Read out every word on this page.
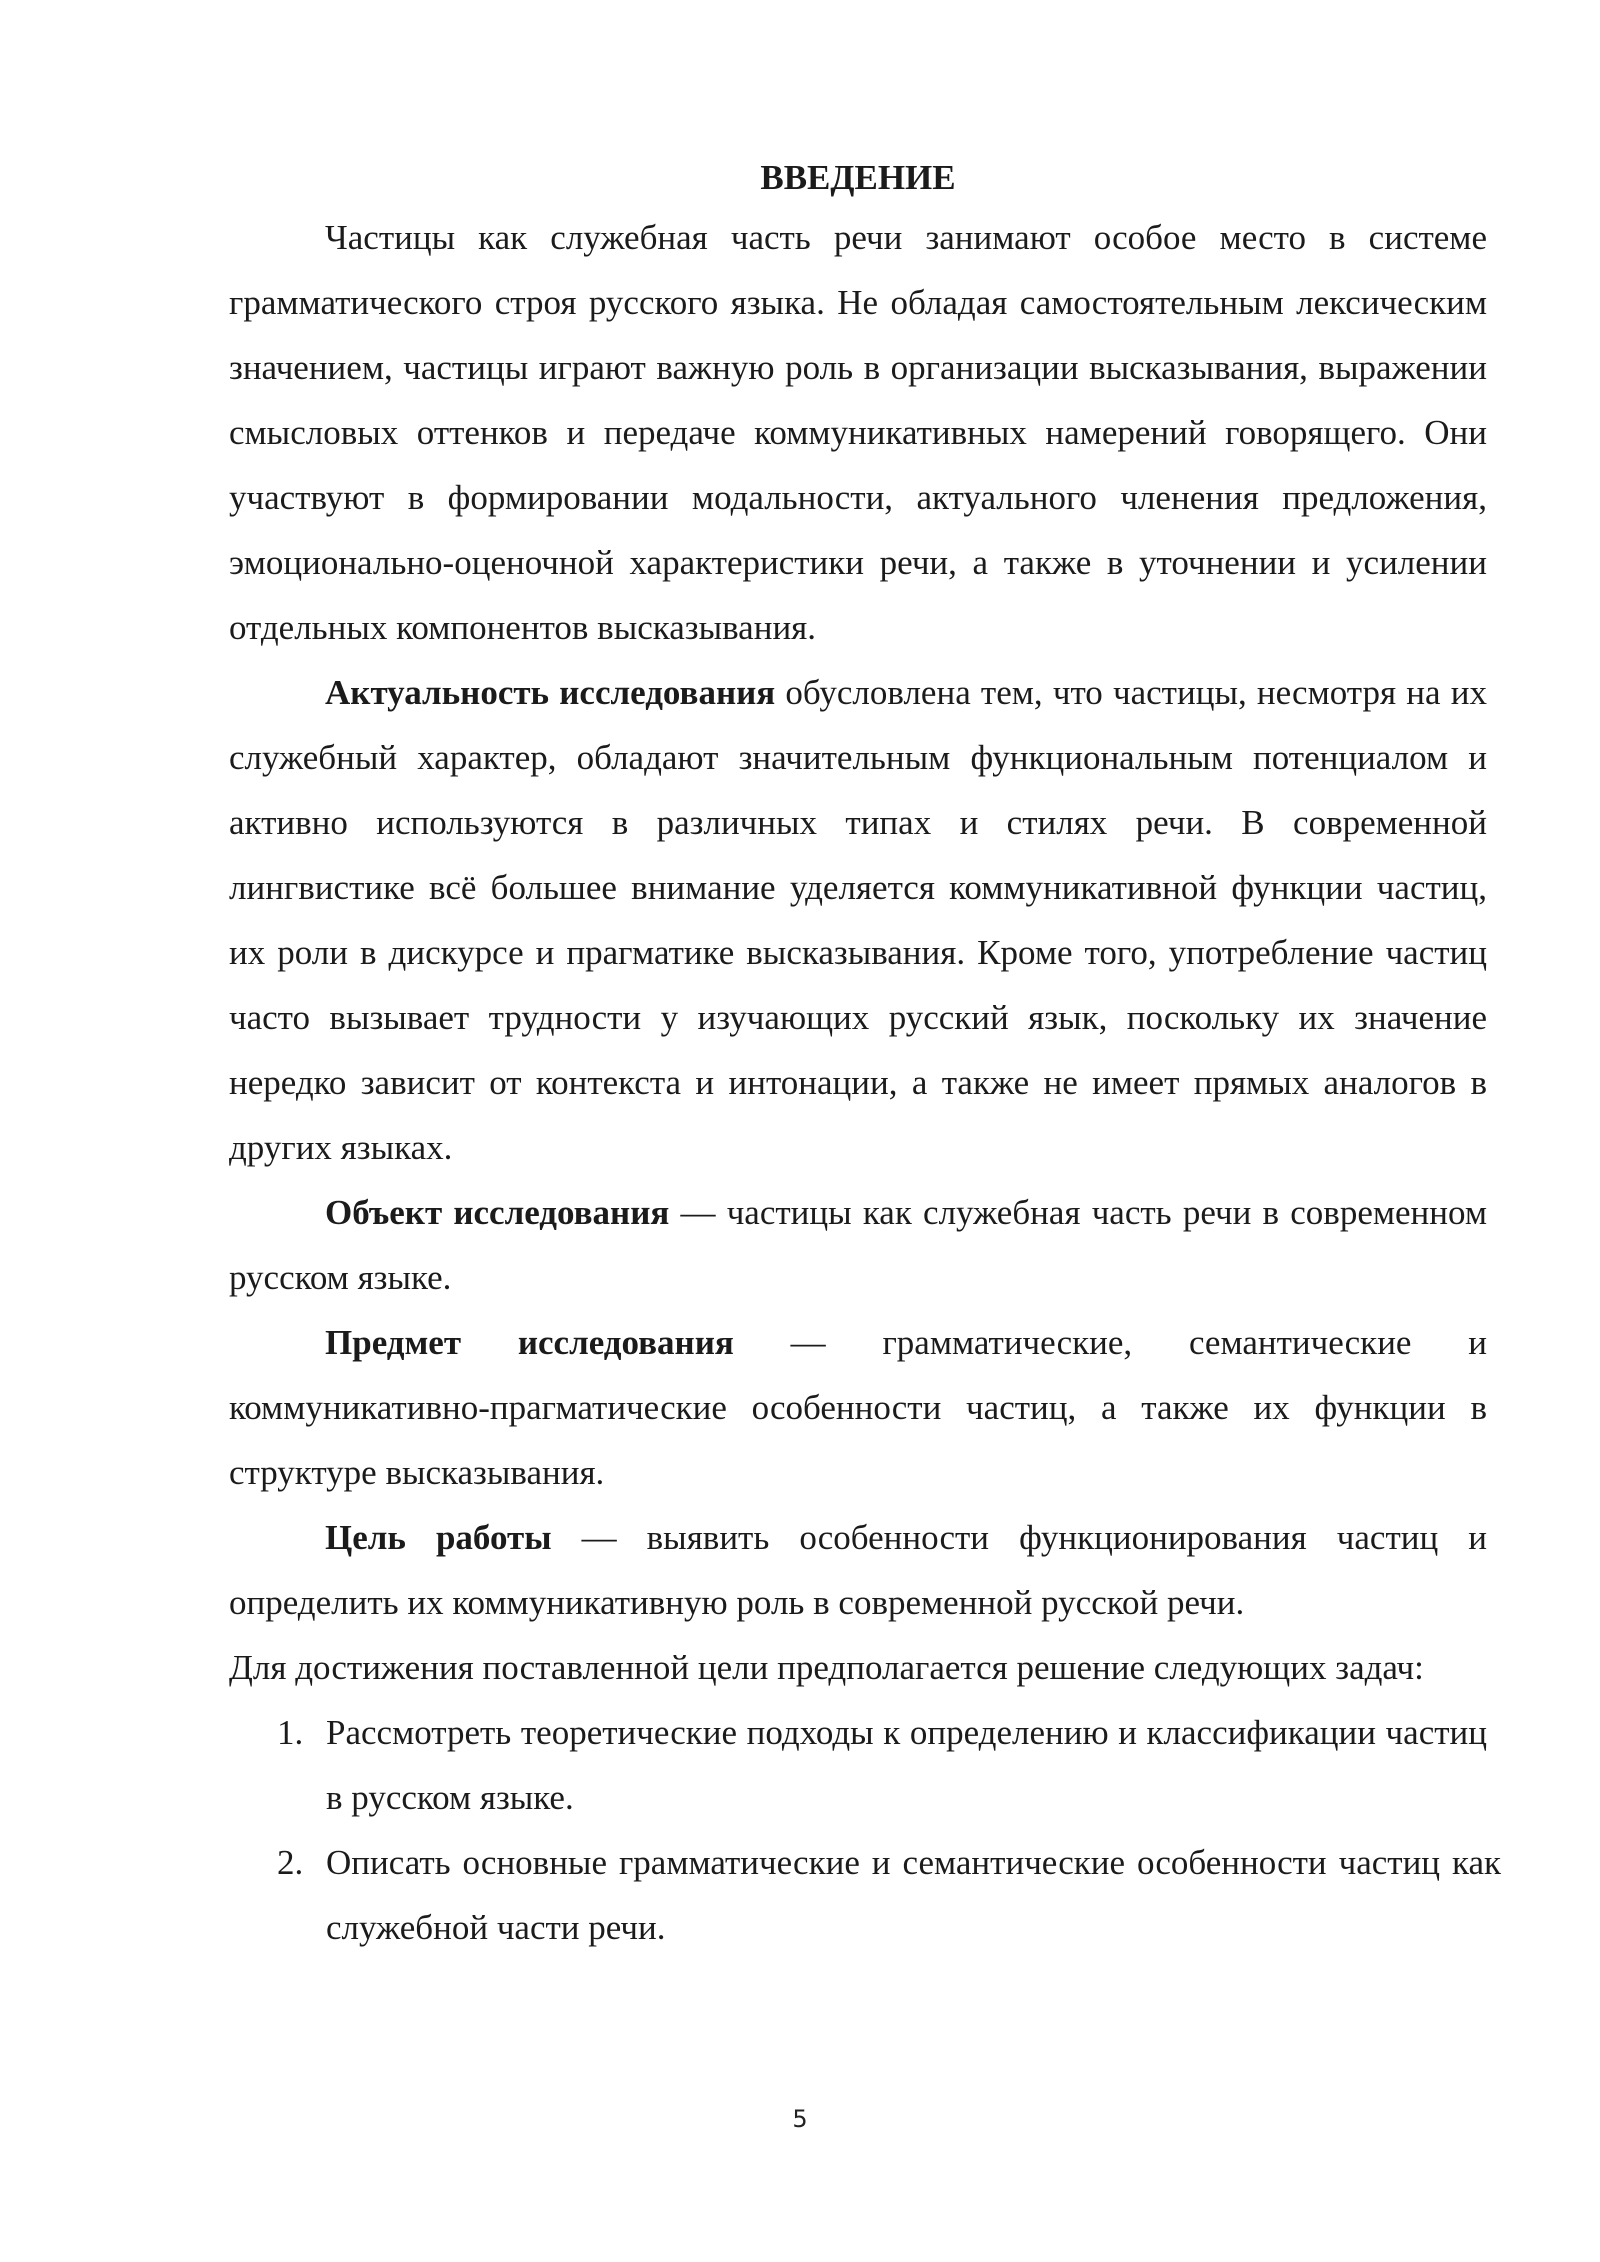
ВВЕДЕНИЕ

Частицы как служебная часть речи занимают особое место в системе грамматического строя русского языка. Не обладая самостоятельным лексическим значением, частицы играют важную роль в организации высказывания, выражении смысловых оттенков и передаче коммуникативных намерений говорящего. Они участвуют в формировании модальности, актуального членения предложения, эмоционально-оценочной характеристики речи, а также в уточнении и усилении отдельных компонентов высказывания.

Актуальность исследования обусловлена тем, что частицы, несмотря на их служебный характер, обладают значительным функциональным потенциалом и активно используются в различных типах и стилях речи. В современной лингвистике всё большее внимание уделяется коммуникативной функции частиц, их роли в дискурсе и прагматике высказывания. Кроме того, употребление частиц часто вызывает трудности у изучающих русский язык, поскольку их значение нередко зависит от контекста и интонации, а также не имеет прямых аналогов в других языках.

Объект исследования — частицы как служебная часть речи в современном русском языке.

Предмет исследования — грамматические, семантические и коммуникативно-прагматические особенности частиц, а также их функции в структуре высказывания.

Цель работы — выявить особенности функционирования частиц и определить их коммуникативную роль в современной русской речи.

Для достижения поставленной цели предполагается решение следующих задач:

1. Рассмотреть теоретические подходы к определению и классификации частиц в русском языке.
2. Описать основные грамматические и семантические особенности частиц как служебной части речи.
5
